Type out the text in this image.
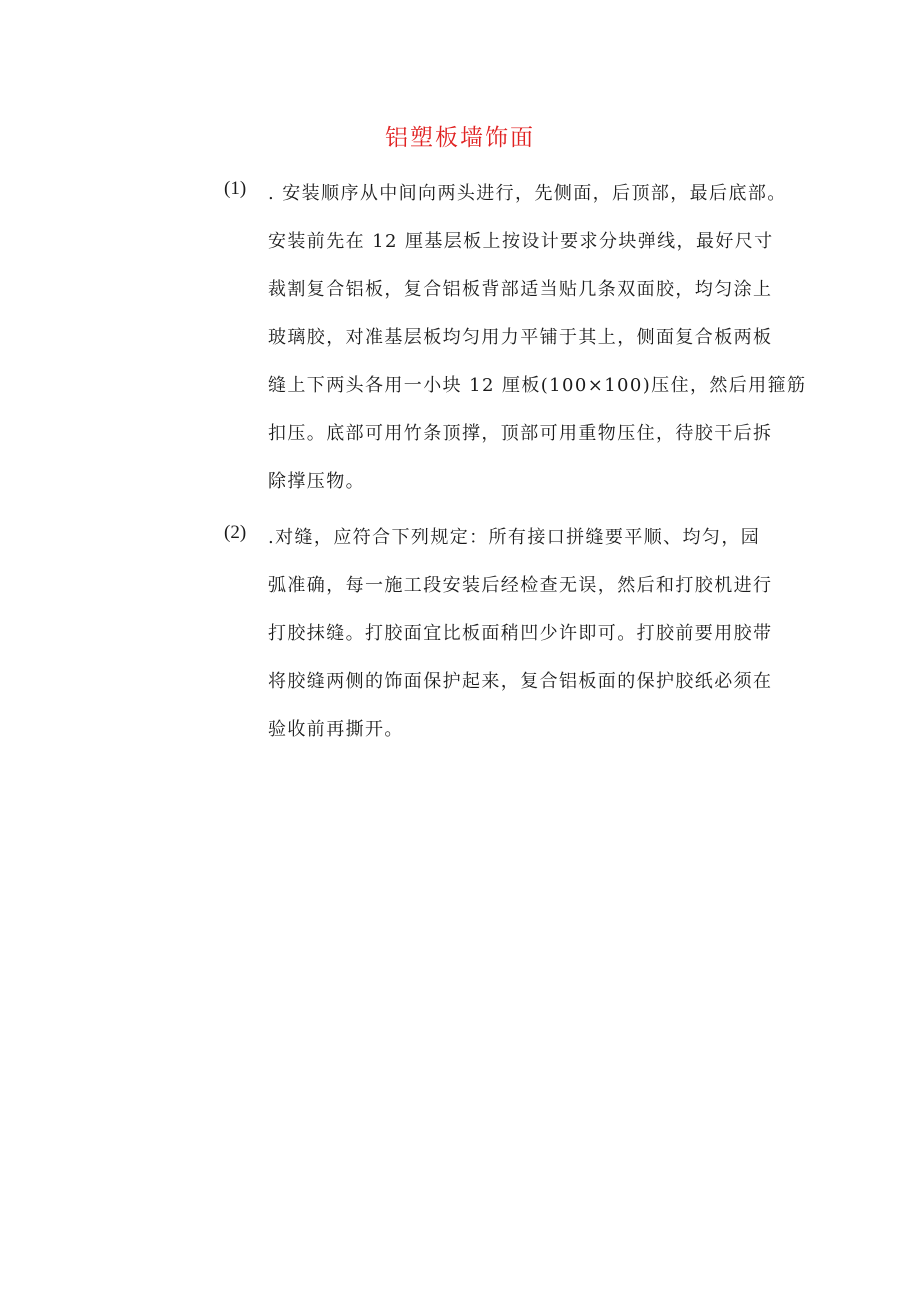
铝塑板墙饰面
(1) . 安装顺序从中间向两头进行，先侧面，后顶部，最后底部。
安装前先在 12 厘基层板上按设计要求分块弹线，最好尺寸
裁割复合铝板，复合铝板背部适当贴几条双面胶，均匀涂上
玻璃胶，对准基层板均匀用力平铺于其上，侧面复合板两板
缝上下两头各用一小块 12 厘板(100×100)压住，然后用箍筋
扣压。底部可用竹条顶撑，顶部可用重物压住，待胶干后拆
除撑压物。
(2) .对缝，应符合下列规定：所有接口拼缝要平顺、均匀，园
弧准确，每一施工段安装后经检查无误，然后和打胶机进行
打胶抹缝。打胶面宜比板面稍凹少许即可。打胶前要用胶带
将胶缝两侧的饰面保护起来，复合铝板面的保护胶纸必须在
验收前再撕开。
